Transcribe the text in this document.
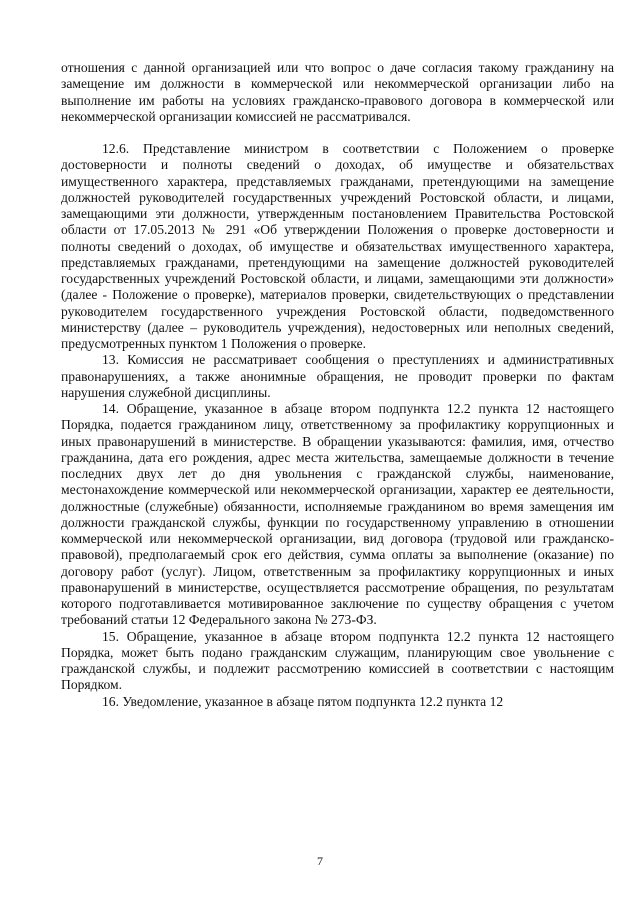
отношения с данной организацией или что вопрос о даче согласия такому гражданину на замещение им должности в коммерческой или некоммерческой организации либо на выполнение им работы на условиях гражданско-правового договора в коммерческой или некоммерческой организации комиссией не рассматривался.

12.6. Представление министром в соответствии с Положением о проверке достоверности и полноты сведений о доходах, об имуществе и обязательствах имущественного характера, представляемых гражданами, претендующими на замещение должностей руководителей государственных учреждений Ростовской области, и лицами, замещающими эти должности, утвержденным постановлением Правительства Ростовской области от 17.05.2013 № 291 «Об утверждении Положения о проверке достоверности и полноты сведений о доходах, об имуществе и обязательствах имущественного характера, представляемых гражданами, претендующими на замещение должностей руководителей государственных учреждений Ростовской области, и лицами, замещающими эти должности» (далее - Положение о проверке), материалов проверки, свидетельствующих о представлении руководителем государственного учреждения Ростовской области, подведомственного министерству (далее – руководитель учреждения), недостоверных или неполных сведений, предусмотренных пунктом 1 Положения о проверке.

13. Комиссия не рассматривает сообщения о преступлениях и административных правонарушениях, а также анонимные обращения, не проводит проверки по фактам нарушения служебной дисциплины.

14. Обращение, указанное в абзаце втором подпункта 12.2 пункта 12 настоящего Порядка, подается гражданином лицу, ответственному за профилактику коррупционных и иных правонарушений в министерстве. В обращении указываются: фамилия, имя, отчество гражданина, дата его рождения, адрес места жительства, замещаемые должности в течение последних двух лет до дня увольнения с гражданской службы, наименование, местонахождение коммерческой или некоммерческой организации, характер ее деятельности, должностные (служебные) обязанности, исполняемые гражданином во время замещения им должности гражданской службы, функции по государственному управлению в отношении коммерческой или некоммерческой организации, вид договора (трудовой или гражданско-правовой), предполагаемый срок его действия, сумма оплаты за выполнение (оказание) по договору работ (услуг). Лицом, ответственным за профилактику коррупционных и иных правонарушений в министерстве, осуществляется рассмотрение обращения, по результатам которого подготавливается мотивированное заключение по существу обращения с учетом требований статьи 12 Федерального закона № 273-ФЗ.

15. Обращение, указанное в абзаце втором подпункта 12.2 пункта 12 настоящего Порядка, может быть подано гражданским служащим, планирующим свое увольнение с гражданской службы, и подлежит рассмотрению комиссией в соответствии с настоящим Порядком.

16. Уведомление, указанное в абзаце пятом подпункта 12.2 пункта 12

7
